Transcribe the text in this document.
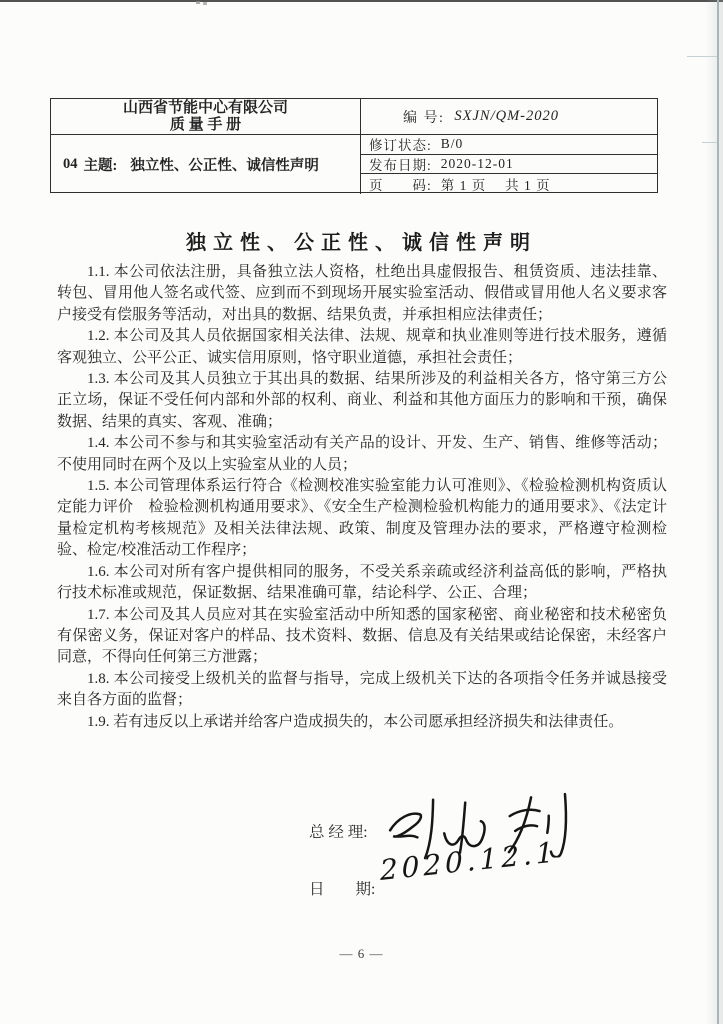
山西省节能中心有限公司
质 量 手 册	编 号: SXJN/QM-2020
04 主题: 独立性、公正性、诚信性声明
修订状态: B/0
发布日期: 2020-12-01
页　　码: 第 1 页　 共 1 页
独立性、公正性、诚信性声明

1.1. 本公司依法注册，具备独立法人资格，杜绝出具虚假报告、租赁资质、违法挂靠、转包、冒用他人签名或代签、应到而不到现场开展实验室活动、假借或冒用他人名义要求客户接受有偿服务等活动，对出具的数据、结果负责，并承担相应法律责任；

1.2. 本公司及其人员依据国家相关法律、法规、规章和执业准则等进行技术服务，遵循客观独立、公平公正、诚实信用原则，恪守职业道德，承担社会责任；

1.3. 本公司及其人员独立于其出具的数据、结果所涉及的利益相关各方，恪守第三方公正立场，保证不受任何内部和外部的权利、商业、利益和其他方面压力的影响和干预，确保数据、结果的真实、客观、准确；

1.4. 本公司不参与和其实验室活动有关产品的设计、开发、生产、销售、维修等活动；不使用同时在两个及以上实验室从业的人员；

1.5. 本公司管理体系运行符合《检测校准实验室能力认可准则》、《检验检测机构资质认定能力评价　检验检测机构通用要求》、《安全生产检测检验机构能力的通用要求》、《法定计量检定机构考核规范》及相关法律法规、政策、制度及管理办法的要求，严格遵守检测检验、检定/校准活动工作程序；

1.6. 本公司对所有客户提供相同的服务，不受关系亲疏或经济利益高低的影响，严格执行技术标准或规范，保证数据、结果准确可靠，结论科学、公正、合理；

1.7. 本公司及其人员应对其在实验室活动中所知悉的国家秘密、商业秘密和技术秘密负有保密义务，保证对客户的样品、技术资料、数据、信息及有关结果或结论保密，未经客户同意，不得向任何第三方泄露；

1.8. 本公司接受上级机关的监督与指导，完成上级机关下达的各项指令任务并诚恳接受来自各方面的监督；

1.9. 若有违反以上承诺并给客户造成损失的，本公司愿承担经济损失和法律责任。

总 经 理:
日　　期:
2020.12.1
— 6 —
